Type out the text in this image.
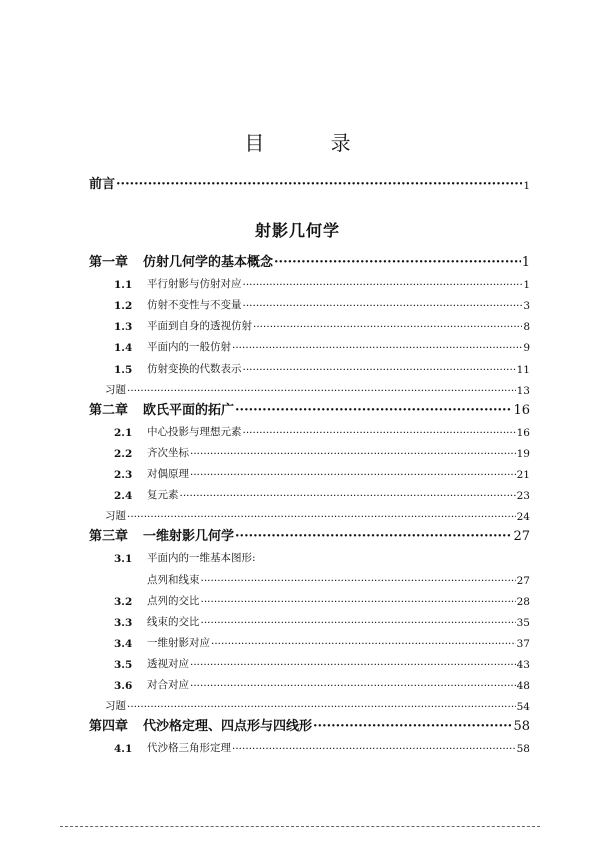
目 录
前言 ·····	1
射影几何学
第一章	仿射几何学的基本概念 ·····	1
1.1	平行射影与仿射对应 ·····	1
1.2	仿射不变性与不变量 ·····	3
1.3	平面到自身的透视仿射 ·····	8
1.4	平面内的一般仿射 ·····	9
1.5	仿射变换的代数表示 ·····	11
习题 ·····	13
第二章	欧氏平面的拓广 ·····	16
2.1	中心投影与理想元素 ·····	16
2.2	齐次坐标 ·····	19
2.3	对偶原理 ·····	21
2.4	复元素 ·····	23
习题 ·····	24
第三章	一维射影几何学 ·····	27
3.1	平面内的一维基本图形:
点列和线束 ·····	27
3.2	点列的交比 ·····	28
3.3	线束的交比 ·····	35
3.4	一维射影对应 ·····	37
3.5	透视对应 ·····	43
3.6	对合对应 ·····	48
习题 ·····	54
第四章	代沙格定理、四点形与四线形 ·····	58
4.1	代沙格三角形定理 ·····	58
